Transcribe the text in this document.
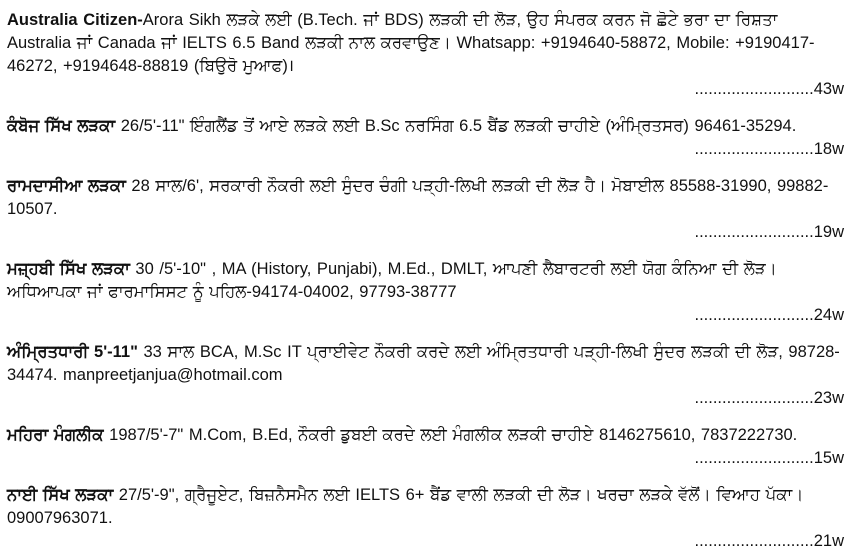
Australia Citizen-Arora Sikh ਲੜਕੇ ਲਈ (B.Tech. ਜਾਂ BDS) ਲੜਕੀ ਦੀ ਲੋੜ, ਉਹ ਸੰਪਰਕ ਕਰਨ ਜੋ ਛੋਟੇ ਭਰਾ ਦਾ ਰਿਸ਼ਤਾ Australia ਜਾਂ Canada ਜਾਂ IELTS 6.5 Band ਲੜਕੀ ਨਾਲ ਕਰਵਾਉਣ। Whatsapp: +9194640-58872, Mobile: +9190417-46272, +9194648-88819 (ਬਿਉਰੋ ਮੁਆਫ)।
.......................... 43w
ਕੰਬੋਜ ਸਿੱਖ ਲੜਕਾ 26/5'-11" ਇੰਗਲੈਂਡ ਤੋਂ ਆਏ ਲੜਕੇ ਲਈ B.Sc ਨਰਸਿੰਗ 6.5 ਬੈਂਡ ਲੜਕੀ ਚਾਹੀਏ (ਅੰਮ੍ਰਿਤਸਰ) 96461-35294.
.......................... 18w
ਰਾਮਦਾਸੀਆ ਲੜਕਾ 28 ਸਾਲ/6', ਸਰਕਾਰੀ ਨੌਕਰੀ ਲਈ ਸੁੰਦਰ ਚੰਗੀ ਪੜ੍ਹੀ-ਲਿਖੀ ਲੜਕੀ ਦੀ ਲੋੜ ਹੈ। ਮੋਬਾਈਲ 85588-31990, 99882-10507.
.......................... 19w
ਮਜ਼੍ਹਬੀ ਸਿੱਖ ਲੜਕਾ 30 /5'-10" , MA (History, Punjabi), M.Ed., DMLT, ਆਪਣੀ ਲੈਬਾਰਟਰੀ ਲਈ ਯੋਗ ਕੰਨਿਆ ਦੀ ਲੋੜ। ਅਧਿਆਪਕਾ ਜਾਂ ਫਾਰਮਾਸਿਸਟ ਨੂੰ ਪਹਿਲ-94174-04002, 97793-38777
.......................... 24w
ਅੰਮ੍ਰਿਤਧਾਰੀ 5'-11" 33 ਸਾਲ BCA, M.Sc IT ਪ੍ਰਾਈਵੇਟ ਨੌਕਰੀ ਕਰਦੇ ਲਈ ਅੰਮ੍ਰਿਤਧਾਰੀ ਪੜ੍ਹੀ-ਲਿਖੀ ਸੁੰਦਰ ਲੜਕੀ ਦੀ ਲੋੜ, 98728-34474. manpreetjanjua@hotmail.com
.......................... 23w
ਮਹਿਰਾ ਮੰਗਲੀਕ 1987/5'-7" M.Com, B.Ed, ਨੌਕਰੀ ਡੁਬਈ ਕਰਦੇ ਲਈ ਮੰਗਲੀਕ ਲੜਕੀ ਚਾਹੀਏ 8146275610, 7837222730.
.......................... 15w
ਨਾਈ ਸਿੱਖ ਲੜਕਾ 27/5'-9", ਗ੍ਰੈਜੂਏਟ, ਬਿਜ਼ਨੈਸਮੈਨ ਲਈ IELTS 6+ ਬੈਂਡ ਵਾਲੀ ਲੜਕੀ ਦੀ ਲੋੜ। ਖਰਚਾ ਲੜਕੇ ਵੱਲੋਂ। ਵਿਆਹ ਪੱਕਾ। 09007963071.
.......................... 21w
